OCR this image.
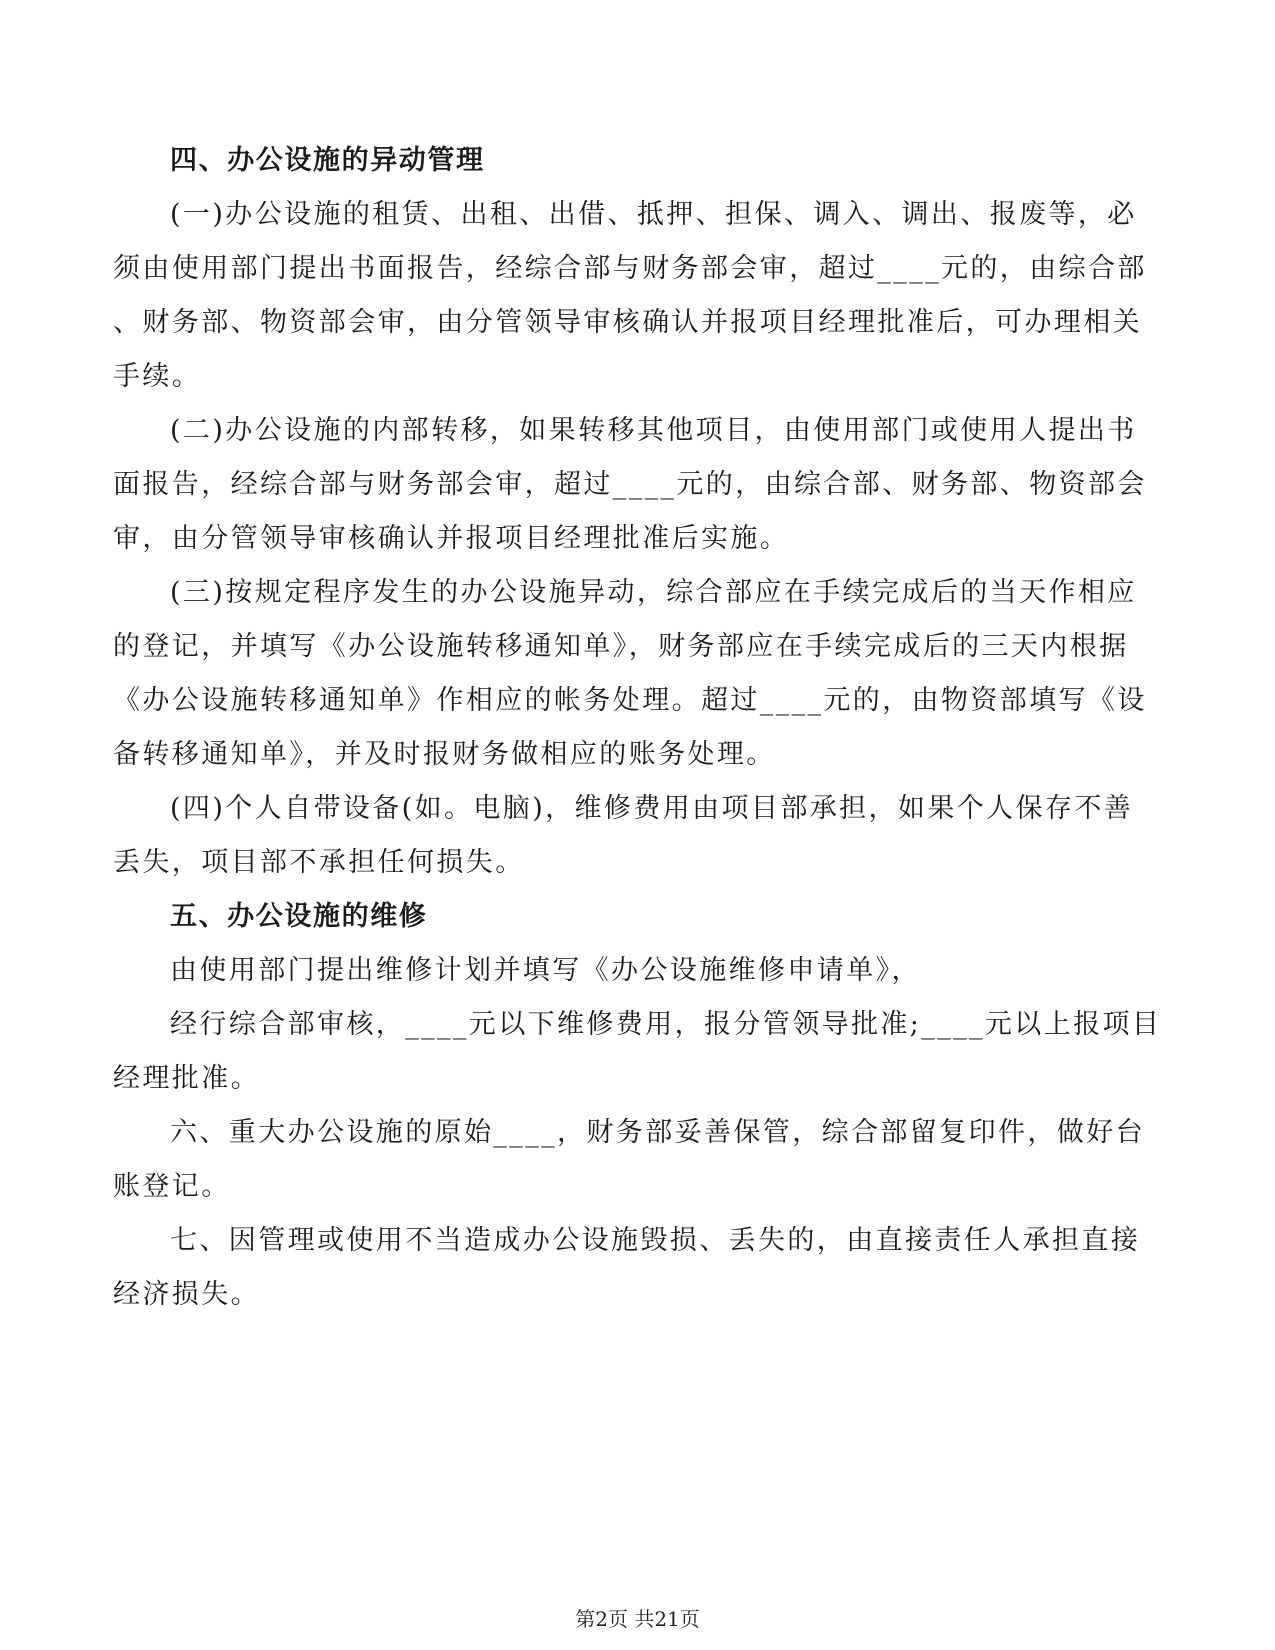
四、办公设施的异动管理
(一)办公设施的租赁、出租、出借、抵押、担保、调入、调出、报废等，必
须由使用部门提出书面报告，经综合部与财务部会审，超过____元的，由综合部
、财务部、物资部会审，由分管领导审核确认并报项目经理批准后，可办理相关
手续。
(二)办公设施的内部转移，如果转移其他项目，由使用部门或使用人提出书
面报告，经综合部与财务部会审，超过____元的，由综合部、财务部、物资部会
审，由分管领导审核确认并报项目经理批准后实施。
(三)按规定程序发生的办公设施异动，综合部应在手续完成后的当天作相应
的登记，并填写《办公设施转移通知单》，财务部应在手续完成后的三天内根据
《办公设施转移通知单》作相应的帐务处理。超过____元的，由物资部填写《设
备转移通知单》，并及时报财务做相应的账务处理。
(四)个人自带设备(如。电脑)，维修费用由项目部承担，如果个人保存不善
丢失，项目部不承担任何损失。
五、办公设施的维修
由使用部门提出维修计划并填写《办公设施维修申请单》，
经行综合部审核，____元以下维修费用，报分管领导批准;____元以上报项目
经理批准。
六、重大办公设施的原始____，财务部妥善保管，综合部留复印件，做好台
账登记。
七、因管理或使用不当造成办公设施毁损、丢失的，由直接责任人承担直接
经济损失。
第2页 共21页
